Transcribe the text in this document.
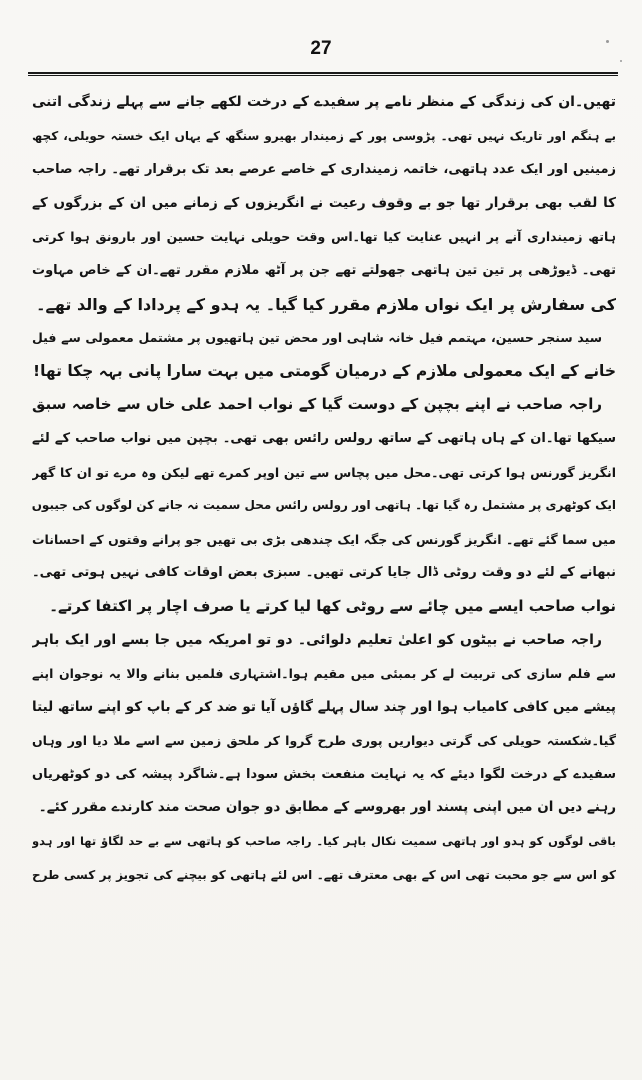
27
تھیں۔ان کی زندگی کے منظر نامے پر سفیدے کے درخت لکھے جانے سے پہلے زندگی اتنی
بے ہنگم اور تاریک نہیں تھی۔ پڑوسی پور کے زمیندار بھیرو سنگھ کے یہاں ایک خستہ حویلی، کچھ
زمینیں اور ایک عدد ہاتھی، خاتمہ زمینداری کے خاصے عرصے بعد تک برقرار تھے۔ راجہ صاحب
کا لقب بھی برقرار تھا جو بے وقوف رعیت نے انگریزوں کے زمانے میں ان کے بزرگوں کے
ہاتھ زمینداری آنے پر انہیں عنایت کیا تھا۔اس وقت حویلی نہایت حسین اور بارونق ہوا کرتی
تھی۔ ڈیوڑھی پر تین تین ہاتھی جھولتے تھے جن پر آٹھ ملازم مقرر تھے۔ان کے خاص مہاوت
کی سفارش پر ایک نواں ملازم مقرر کیا گیا۔ یہ ہدو کے پردادا کے والد تھے۔
سید سنجر حسین، مہتمم فیل خانہ شاہی اور محض تین ہاتھیوں پر مشتمل معمولی سے فیل
خانے کے ایک معمولی ملازم کے درمیان گومتی میں بہت سارا پانی بہہ چکا تھا!
راجہ صاحب نے اپنے بچپن کے دوست گیا کے نواب احمد علی خاں سے خاصہ سبق
سیکھا تھا۔ان کے ہاں ہاتھی کے ساتھ رولس رائس بھی تھی۔ بچپن میں نواب صاحب کے لئے
انگریز گورنس ہوا کرتی تھی۔محل میں پچاس سے تین اوپر کمرے تھے لیکن وہ مرے تو ان کا گھر
ایک کوٹھری پر مشتمل رہ گیا تھا۔ ہاتھی اور رولس رائس محل سمیت نہ جانے کن لوگوں کی جیبوں
میں سما گئے تھے۔ انگریز گورنس کی جگہ ایک چندھی بڑی بی تھیں جو پرانے وقتوں کے احسانات
نبھانے کے لئے دو وقت روٹی ڈال جایا کرتی تھیں۔ سبزی بعض اوقات کافی نہیں ہوتی تھی۔
نواب صاحب ایسے میں چائے سے روٹی کھا لیا کرتے یا صرف اچار پر اکتفا کرتے۔
راجہ صاحب نے بیٹوں کو اعلیٰ تعلیم دلوائی۔ دو تو امریکہ میں جا بسے اور ایک باہر
سے فلم سازی کی تربیت لے کر بمبئی میں مقیم ہوا۔اشتہاری فلمیں بنانے والا یہ نوجوان اپنے
پیشے میں کافی کامیاب ہوا اور چند سال پہلے گاؤں آیا تو ضد کر کے باپ کو اپنے ساتھ لیتا
گیا۔شکستہ حویلی کی گرتی دیواریں پوری طرح گروا کر ملحق زمین سے اسے ملا دیا اور وہاں
سفیدے کے درخت لگوا دیئے کہ یہ نہایت منفعت بخش سودا ہے۔شاگرد پیشہ کی دو کوٹھریاں
رہنے دیں ان میں اپنی پسند اور بھروسے کے مطابق دو جوان صحت مند کارندے مقرر کئے۔
باقی لوگوں کو ہدو اور ہاتھی سمیت نکال باہر کیا۔ راجہ صاحب کو ہاتھی سے بے حد لگاؤ تھا اور ہدو
کو اس سے جو محبت تھی اس کے بھی معترف تھے۔ اس لئے ہاتھی کو بیچنے کی تجویز پر کسی طرح
